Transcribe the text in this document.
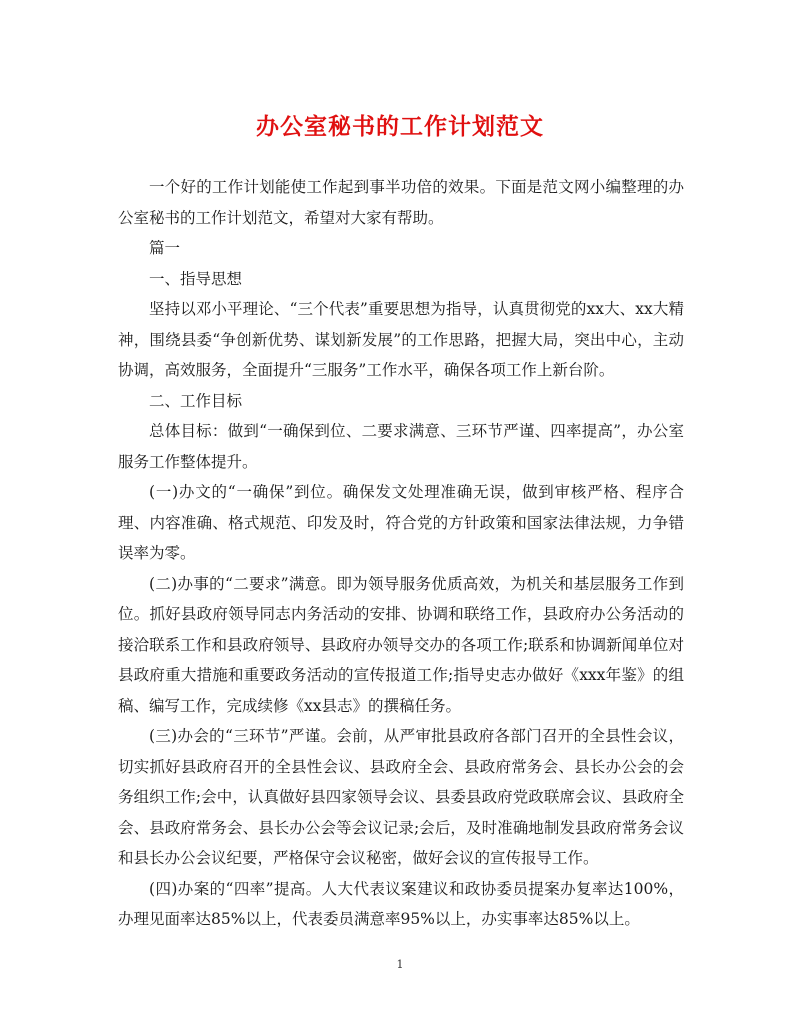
办公室秘书的工作计划范文

一个好的工作计划能使工作起到事半功倍的效果。下面是范文网小编整理的办公室秘书的工作计划范文，希望对大家有帮助。

篇一

一、指导思想

坚持以邓小平理论、“三个代表”重要思想为指导，认真贯彻党的xx大、xx大精神，围绕县委“争创新优势、谋划新发展”的工作思路，把握大局，突出中心，主动协调，高效服务，全面提升“三服务”工作水平，确保各项工作上新台阶。

二、工作目标

总体目标：做到“一确保到位、二要求满意、三环节严谨、四率提高”，办公室服务工作整体提升。

(一)办文的“一确保”到位。确保发文处理准确无误，做到审核严格、程序合理、内容准确、格式规范、印发及时，符合党的方针政策和国家法律法规，力争错误率为零。

(二)办事的“二要求”满意。即为领导服务优质高效，为机关和基层服务工作到位。抓好县政府领导同志内务活动的安排、协调和联络工作，县政府办公务活动的接洽联系工作和县政府领导、县政府办领导交办的各项工作;联系和协调新闻单位对县政府重大措施和重要政务活动的宣传报道工作;指导史志办做好《xxx年鉴》的组稿、编写工作，完成续修《xx县志》的撰稿任务。

(三)办会的“三环节”严谨。会前，从严审批县政府各部门召开的全县性会议，切实抓好县政府召开的全县性会议、县政府全会、县政府常务会、县长办公会的会务组织工作;会中，认真做好县四家领导会议、县委县政府党政联席会议、县政府全会、县政府常务会、县长办公会等会议记录;会后，及时准确地制发县政府常务会议和县长办公会议纪要，严格保守会议秘密，做好会议的宣传报导工作。

(四)办案的“四率”提高。人大代表议案建议和政协委员提案办复率达100%，办理见面率达85%以上，代表委员满意率95%以上，办实事率达85%以上。

1
